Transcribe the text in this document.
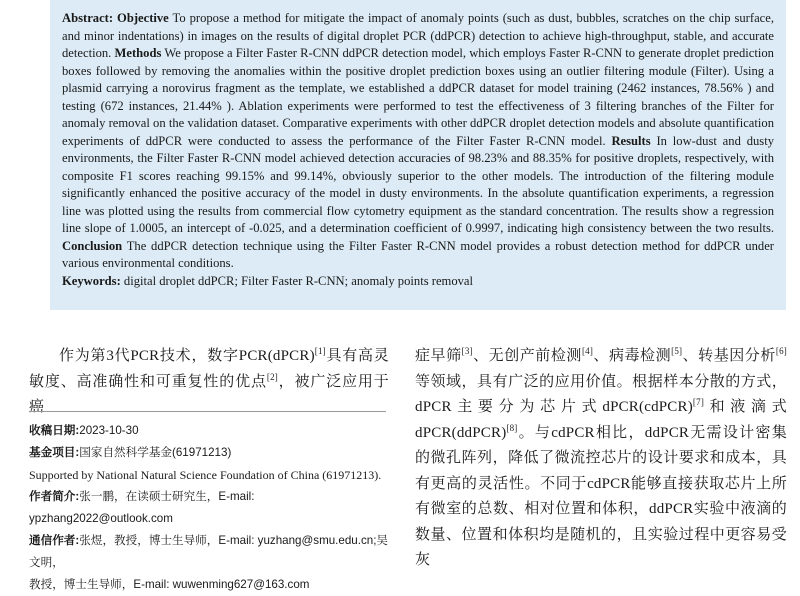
Abstract: Objective To propose a method for mitigate the impact of anomaly points (such as dust, bubbles, scratches on the chip surface, and minor indentations) in images on the results of digital droplet PCR (ddPCR) detection to achieve high-throughput, stable, and accurate detection. Methods We propose a Filter Faster R-CNN ddPCR detection model, which employs Faster R-CNN to generate droplet prediction boxes followed by removing the anomalies within the positive droplet prediction boxes using an outlier filtering module (Filter). Using a plasmid carrying a norovirus fragment as the template, we established a ddPCR dataset for model training (2462 instances, 78.56% ) and testing (672 instances, 21.44% ). Ablation experiments were performed to test the effectiveness of 3 filtering branches of the Filter for anomaly removal on the validation dataset. Comparative experiments with other ddPCR droplet detection models and absolute quantification experiments of ddPCR were conducted to assess the performance of the Filter Faster R-CNN model. Results In low-dust and dusty environments, the Filter Faster R-CNN model achieved detection accuracies of 98.23% and 88.35% for positive droplets, respectively, with composite F1 scores reaching 99.15% and 99.14%, obviously superior to the other models. The introduction of the filtering module significantly enhanced the positive accuracy of the model in dusty environments. In the absolute quantification experiments, a regression line was plotted using the results from commercial flow cytometry equipment as the standard concentration. The results show a regression line slope of 1.0005, an intercept of -0.025, and a determination coefficient of 0.9997, indicating high consistency between the two results. Conclusion The ddPCR detection technique using the Filter Faster R-CNN model provides a robust detection method for ddPCR under various environmental conditions.
Keywords: digital droplet ddPCR; Filter Faster R-CNN; anomaly points removal

作为第3代PCR技术，数字PCR(dPCR)[1]具有高灵敏度、高准确性和可重复性的优点[2]，被广泛应用于癌

收稿日期:2023-10-30

基金项目:国家自然科学基金(61971213)

Supported by National Natural Science Foundation of China (61971213).

作者简介:张一鹏，在读硕士研究生，E-mail: ypzhang2022@outlook.com

通信作者:张煜，教授，博士生导师，E-mail: yuzhang@smu.edu.cn;吴文明，
教授，博士生导师，E-mail: wuwenming627@163.com

症早筛[3]、无创产前检测[4]、病毒检测[5]、转基因分析[6]等领域，具有广泛的应用价值。根据样本分散的方式，dPCR主要分为芯片式dPCR(cdPCR)[7]和液滴式dPCR(ddPCR)[8]。与cdPCR相比，ddPCR无需设计密集的微孔阵列，降低了微流控芯片的设计要求和成本，具有更高的灵活性。不同于cdPCR能够直接获取芯片上所有微室的总数、相对位置和体积，ddPCR实验中液滴的数量、位置和体积均是随机的，且实验过程中更容易受灰
